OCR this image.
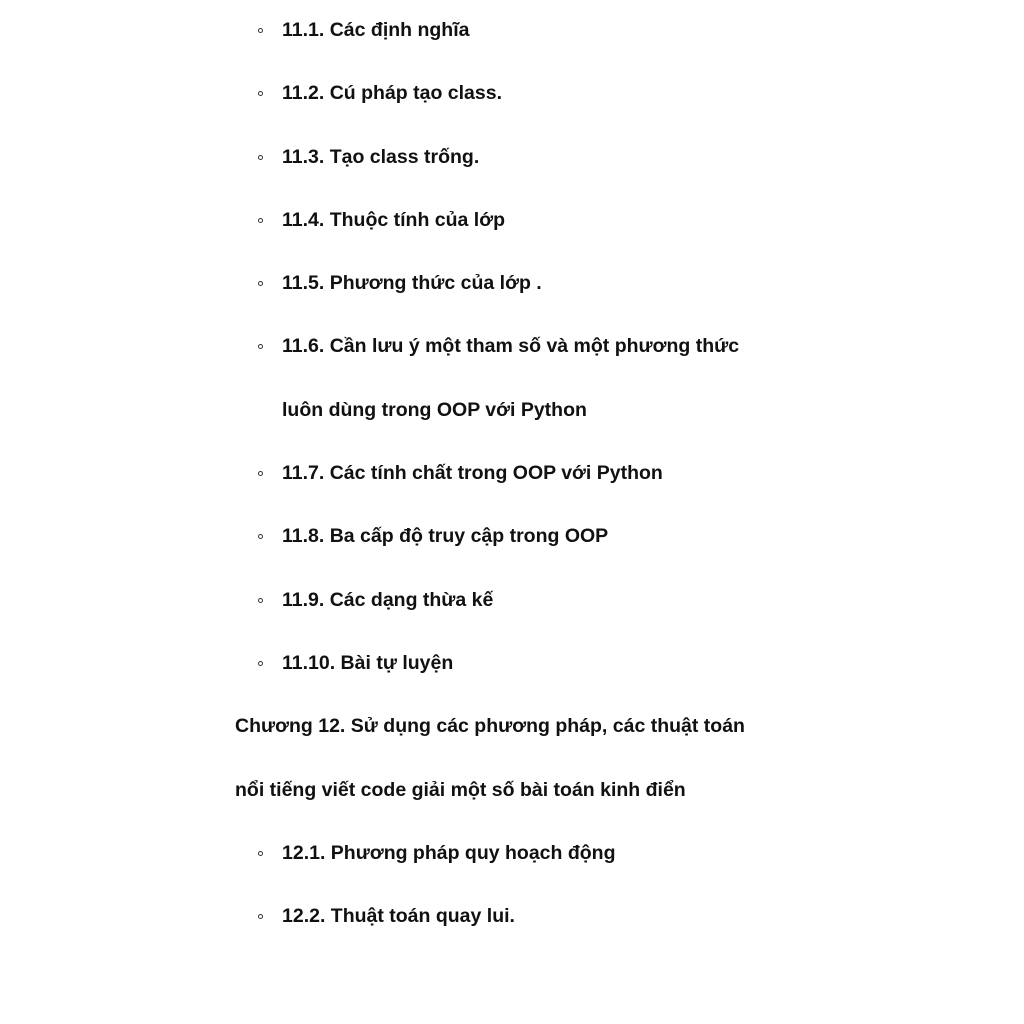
11.1. Các định nghĩa
11.2. Cú pháp tạo class.
11.3. Tạo class trống.
11.4. Thuộc tính của lớp
11.5. Phương thức của lớp .
11.6. Cần lưu ý một tham số và một phương thức
luôn dùng trong OOP với Python
11.7. Các tính chất trong OOP với Python
11.8. Ba cấp độ truy cập trong OOP
11.9. Các dạng thừa kế
11.10. Bài tự luyện
Chương 12. Sử dụng các phương pháp, các thuật toán
nổi tiếng viết code giải một số bài toán kinh điển
12.1. Phương pháp quy hoạch động
12.2. Thuật toán quay lui.
